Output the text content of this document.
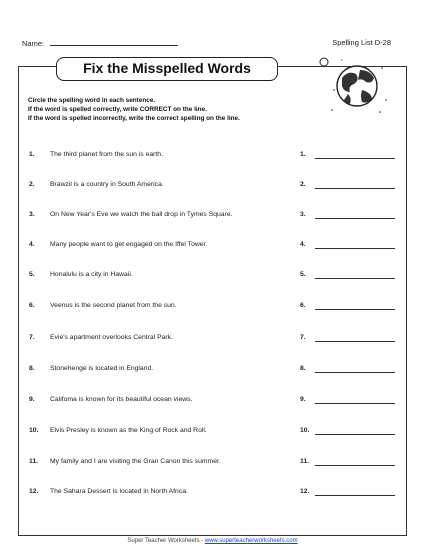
Name:	Spelling List D-28
Fix the Misspelled Words
Circle the spelling word in each sentence.
If the word is spelled correctly, write CORRECT on the line.
If the word is spelled incorrectly, write the correct spelling on the line.
1. The third planet from the sun is earth.	1.
2. Brawzil is a country in South America.	2.
3. On New Year's Eve we watch the ball drop in Tymes Square.	3.
4. Many people want to get engaged on the Iffel Tower.	4.
5. Honalulu is a city in Hawaii.	5.
6. Veenus is the second planet from the sun.	6.
7. Evie's apartment overlooks Central Park.	7.
8. Stonehenge is located in England.	8.
9. Califoma is known for its beautiful ocean views.	9.
10. Elvis Presley is known as the King of Rock and Roll.	10.
11. My family and I are visiting the Gran Canon this summer.	11.
12. The Sahara Dessert is located in North Africa.	12.
Super Teacher Worksheets - www.superteacherworksheets.com
